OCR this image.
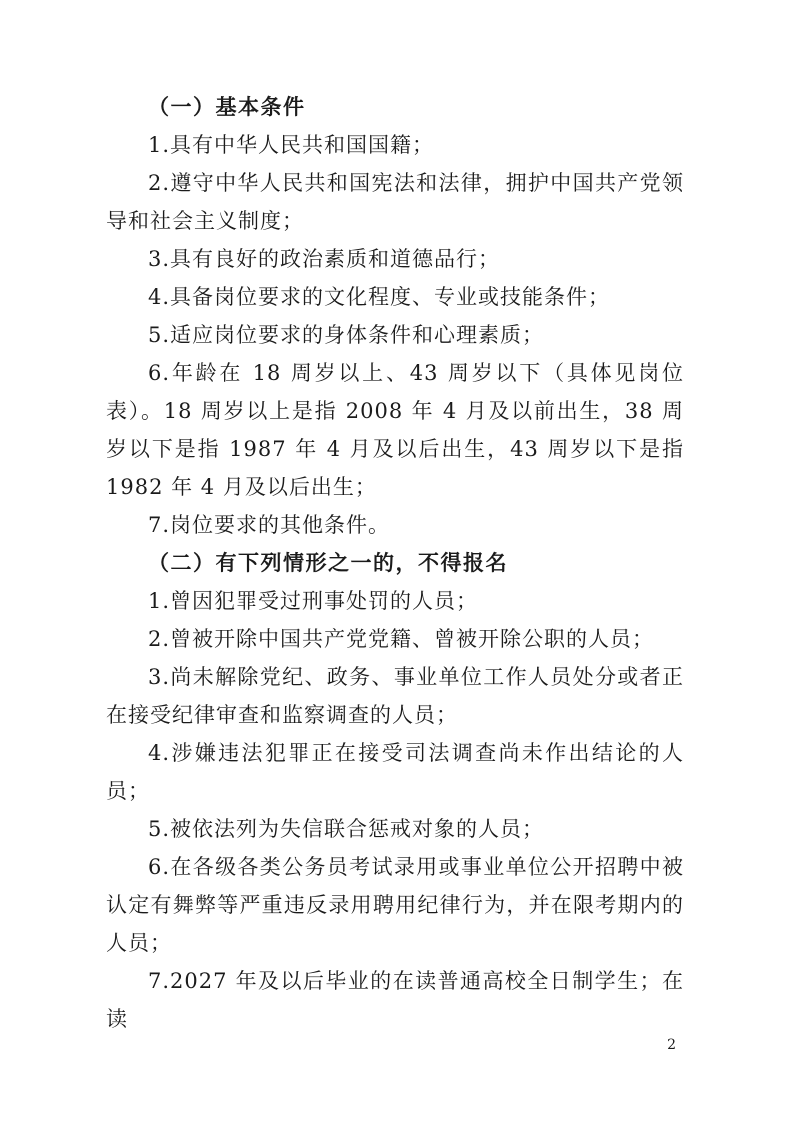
（一）基本条件

1.具有中华人民共和国国籍；

2.遵守中华人民共和国宪法和法律，拥护中国共产党领导和社会主义制度；

3.具有良好的政治素质和道德品行；

4.具备岗位要求的文化程度、专业或技能条件；

5.适应岗位要求的身体条件和心理素质；

6.年龄在 18 周岁以上、43 周岁以下（具体见岗位表）。18 周岁以上是指 2008 年 4 月及以前出生，38 周岁以下是指 1987 年 4 月及以后出生，43 周岁以下是指 1982 年 4 月及以后出生；

7.岗位要求的其他条件。

（二）有下列情形之一的，不得报名

1.曾因犯罪受过刑事处罚的人员；

2.曾被开除中国共产党党籍、曾被开除公职的人员；

3.尚未解除党纪、政务、事业单位工作人员处分或者正在接受纪律审查和监察调查的人员；

4.涉嫌违法犯罪正在接受司法调查尚未作出结论的人员；

5.被依法列为失信联合惩戒对象的人员；

6.在各级各类公务员考试录用或事业单位公开招聘中被认定有舞弊等严重违反录用聘用纪律行为，并在限考期内的人员；

7.2027 年及以后毕业的在读普通高校全日制学生；在读

2
